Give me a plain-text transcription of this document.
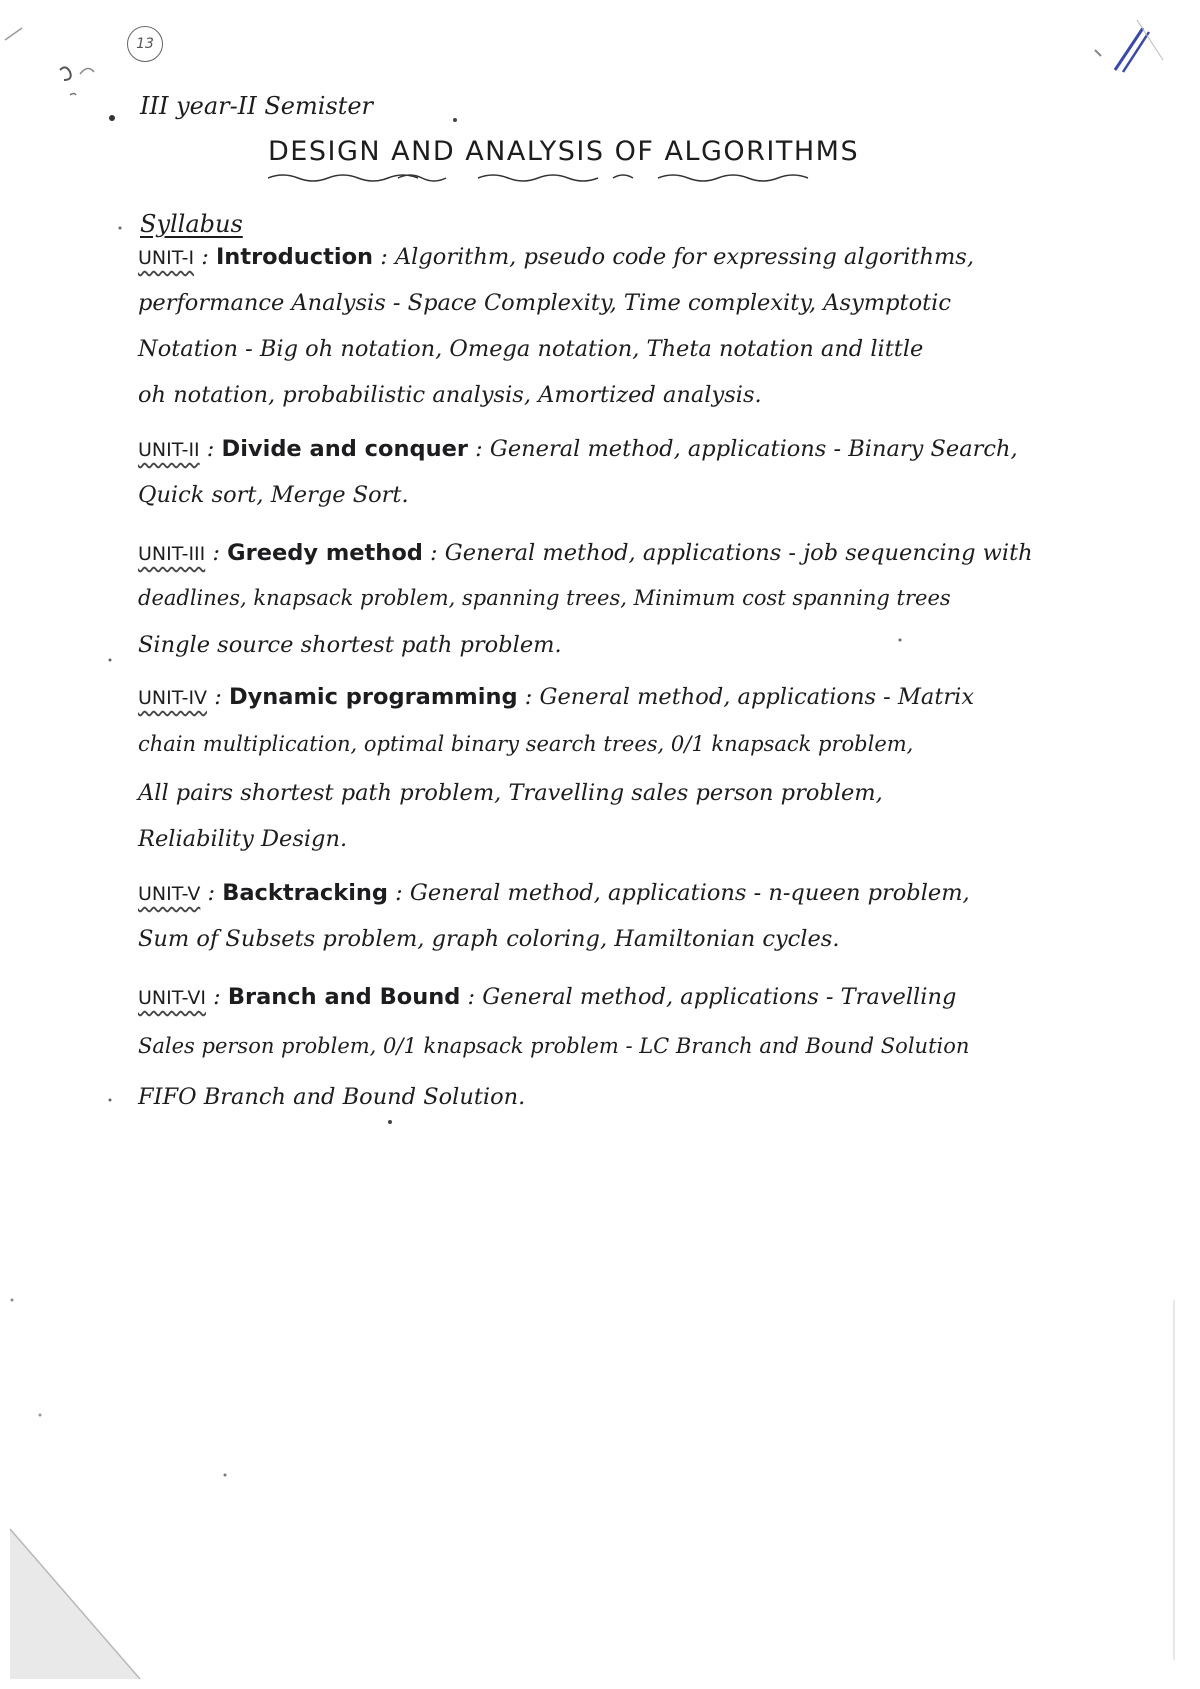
13
III year-II Semister
DESIGN AND ANALYSIS OF ALGORITHMS
Syllabus
UNIT-I : Introduction : Algorithm, pseudo code for expressing algorithms,
performance Analysis - Space Complexity, Time complexity, Asymptotic
Notation - Big oh notation, Omega notation, Theta notation and little
oh notation, probabilistic analysis, Amortized analysis.
UNIT-II : Divide and conquer : General method, applications - Binary Search,
Quick sort, Merge Sort.
UNIT-III : Greedy method : General method, applications - job sequencing with
deadlines, knapsack problem, spanning trees, Minimum cost spanning trees
Single source shortest path problem.
UNIT-IV : Dynamic programming : General method, applications - Matrix
chain multiplication, optimal binary search trees, 0/1 knapsack problem,
All pairs shortest path problem, Travelling sales person problem,
Reliability Design.
UNIT-V : Backtracking : General method, applications - n-queen problem,
Sum of Subsets problem, graph coloring, Hamiltonian cycles.
UNIT-VI : Branch and Bound : General method, applications - Travelling
Sales person problem, 0/1 knapsack problem - LC Branch and Bound Solution
FIFO Branch and Bound Solution.
